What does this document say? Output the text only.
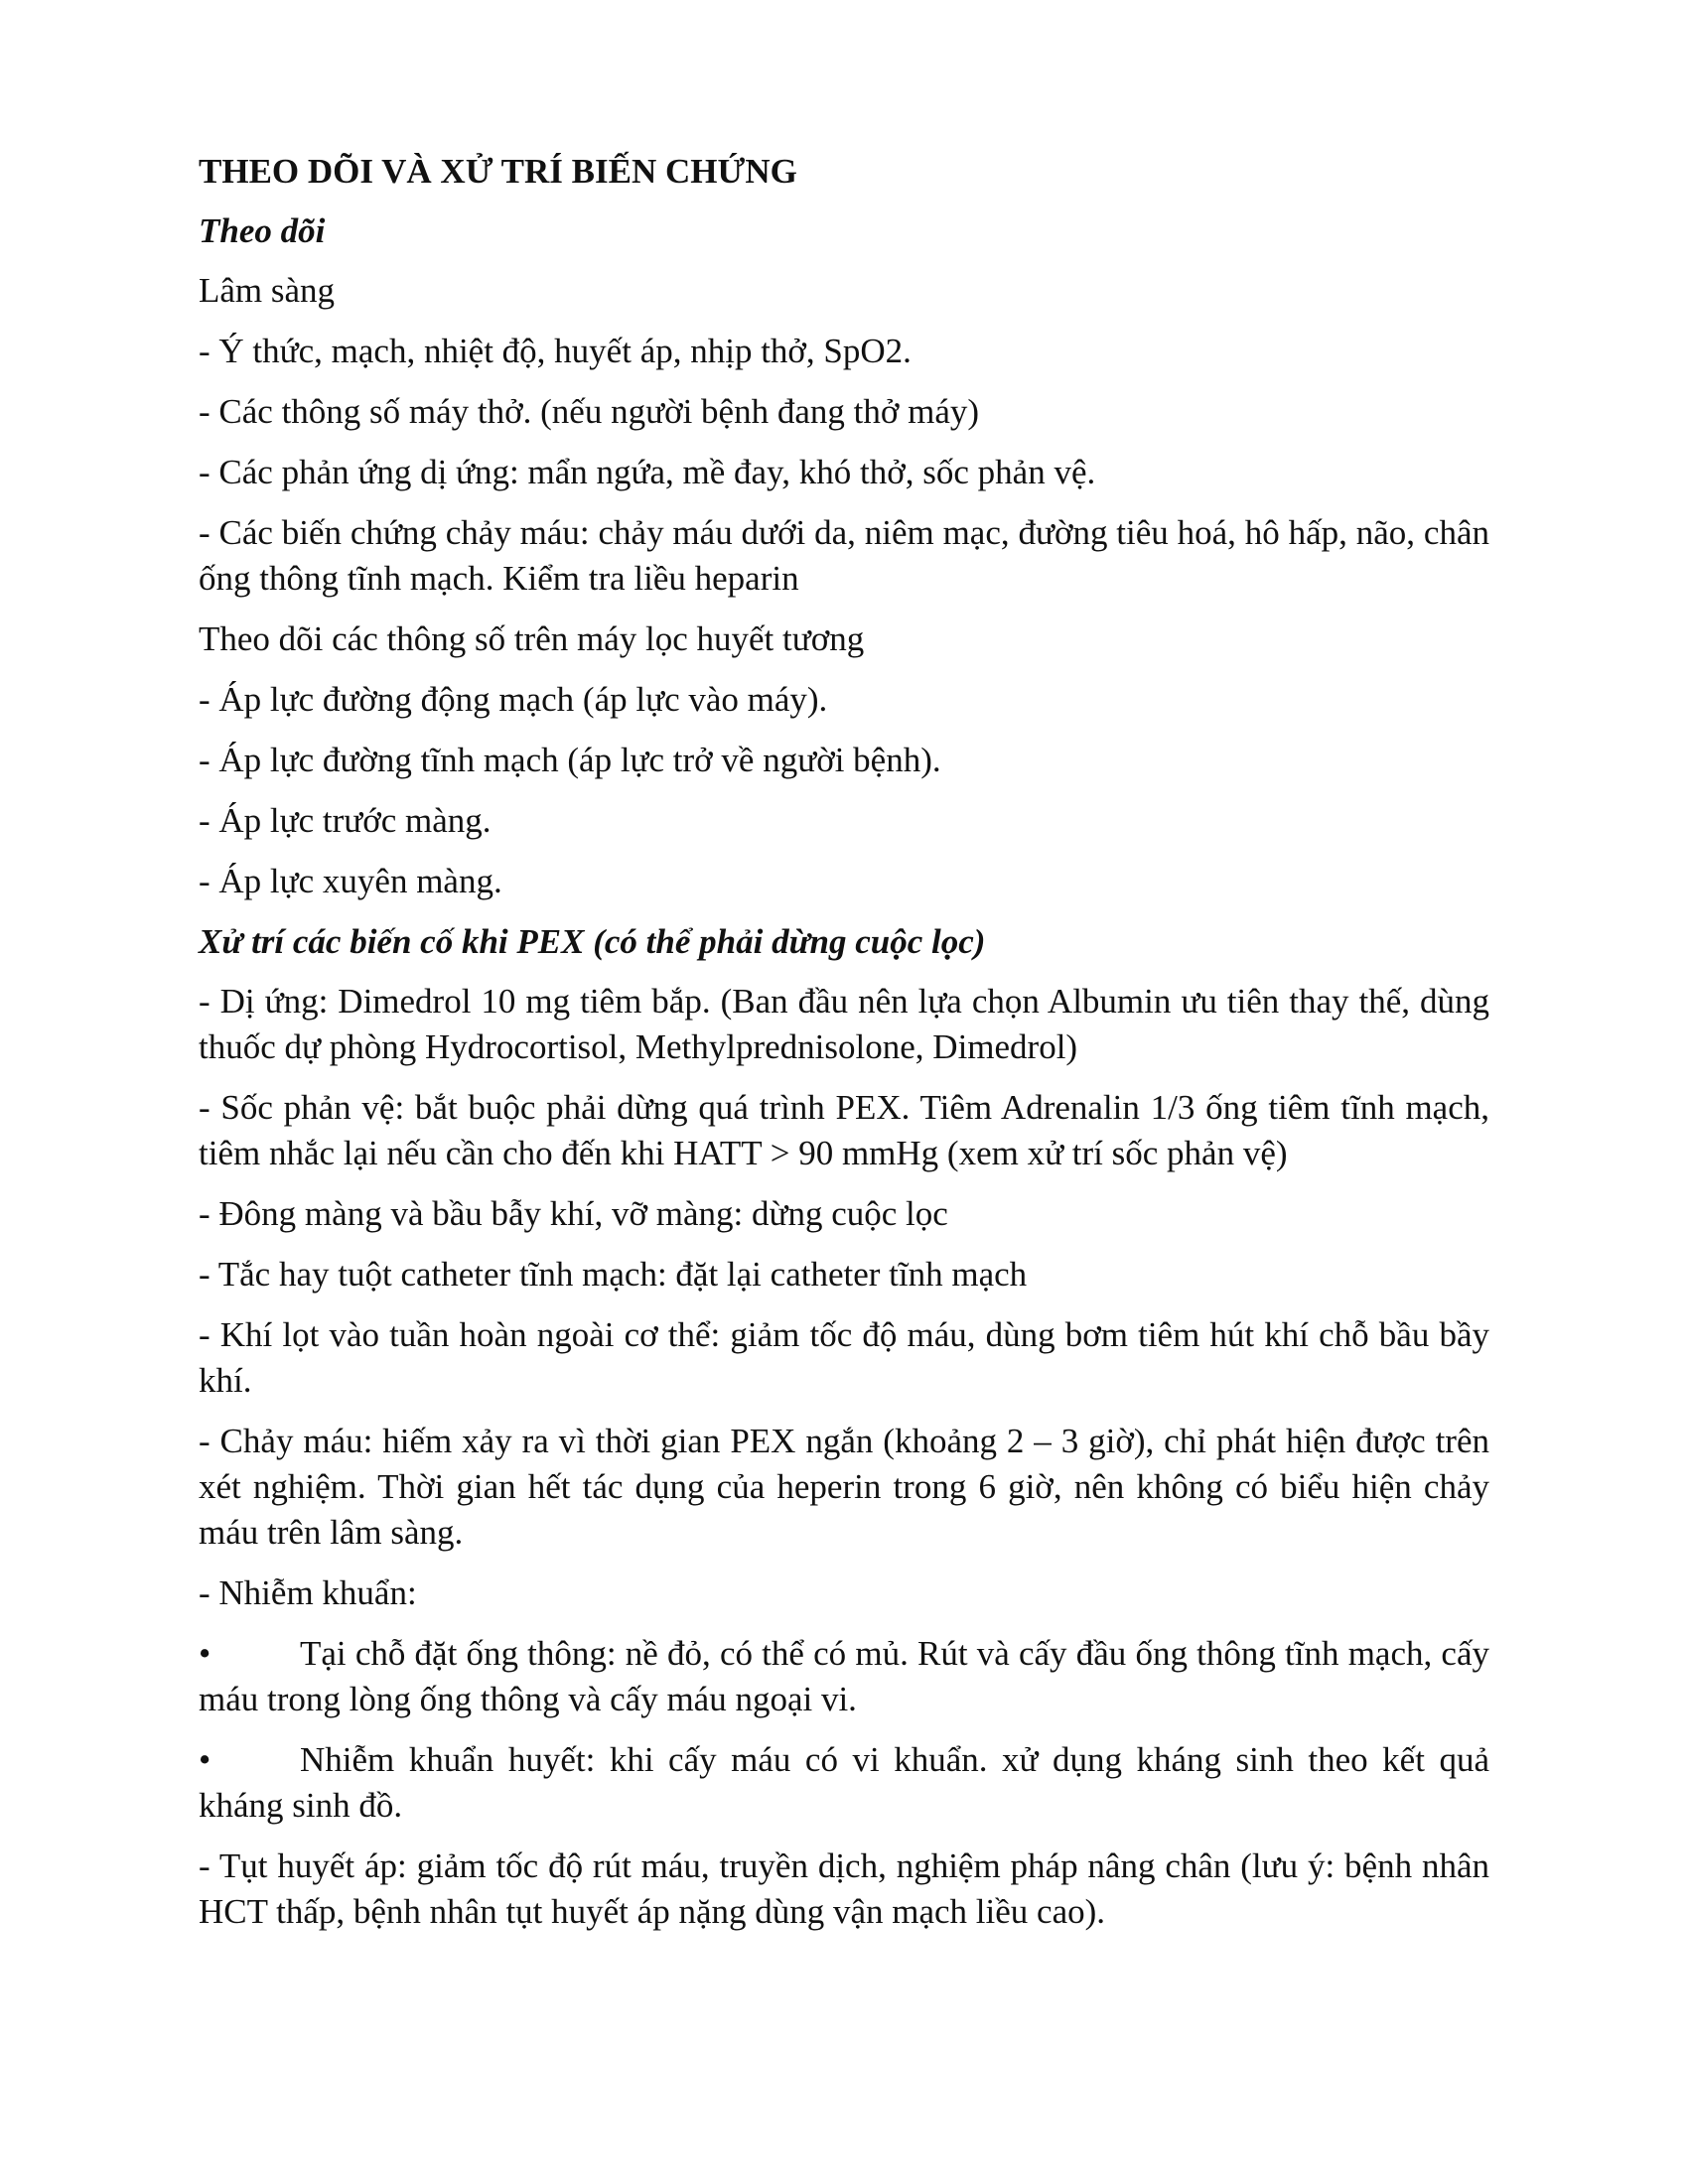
THEO DÕI VÀ XỬ TRÍ BIẾN CHỨNG
Theo dõi

Lâm sàng

- Ý thức, mạch, nhiệt độ, huyết áp, nhịp thở, SpO2.

- Các thông số máy thở. (nếu người bệnh đang thở máy)

- Các phản ứng dị ứng: mẩn ngứa, mề đay, khó thở, sốc phản vệ.

- Các biến chứng chảy máu: chảy máu dưới da, niêm mạc, đường tiêu hoá, hô hấp, não, chân ống thông tĩnh mạch. Kiểm tra liều heparin

Theo dõi các thông số trên máy lọc huyết tương

- Áp lực đường động mạch (áp lực vào máy).

- Áp lực đường tĩnh mạch (áp lực trở về người bệnh).

- Áp lực trước màng.

- Áp lực xuyên màng.

Xử trí các biến cố khi PEX (có thể phải dừng cuộc lọc)

- Dị ứng: Dimedrol 10 mg tiêm bắp. (Ban đầu nên lựa chọn Albumin ưu tiên thay thế, dùng thuốc dự phòng Hydrocortisol, Methylprednisolone, Dimedrol)

- Sốc phản vệ: bắt buộc phải dừng quá trình PEX. Tiêm Adrenalin 1/3 ống tiêm tĩnh mạch, tiêm nhắc lại nếu cần cho đến khi HATT > 90 mmHg (xem xử trí sốc phản vệ)

- Đông màng và bầu bẫy khí, vỡ màng: dừng cuộc lọc

- Tắc hay tuột catheter tĩnh mạch: đặt lại catheter tĩnh mạch

- Khí lọt vào tuần hoàn ngoài cơ thể: giảm tốc độ máu, dùng bơm tiêm hút khí chỗ bầu bầy khí.

- Chảy máu: hiếm xảy ra vì thời gian PEX ngắn (khoảng 2 – 3 giờ), chỉ phát hiện được trên xét nghiệm. Thời gian hết tác dụng của heperin trong 6 giờ, nên không có biểu hiện chảy máu trên lâm sàng.

- Nhiễm khuẩn:

•	Tại chỗ đặt ống thông: nề đỏ, có thể có mủ. Rút và cấy đầu ống thông tĩnh mạch, cấy máu trong lòng ống thông và cấy máu ngoại vi.

•	Nhiễm khuẩn huyết: khi cấy máu có vi khuẩn. xử dụng kháng sinh theo kết quả kháng sinh đồ.

- Tụt huyết áp: giảm tốc độ rút máu, truyền dịch, nghiệm pháp nâng chân (lưu ý: bệnh nhân HCT thấp, bệnh nhân tụt huyết áp nặng dùng vận mạch liều cao).
